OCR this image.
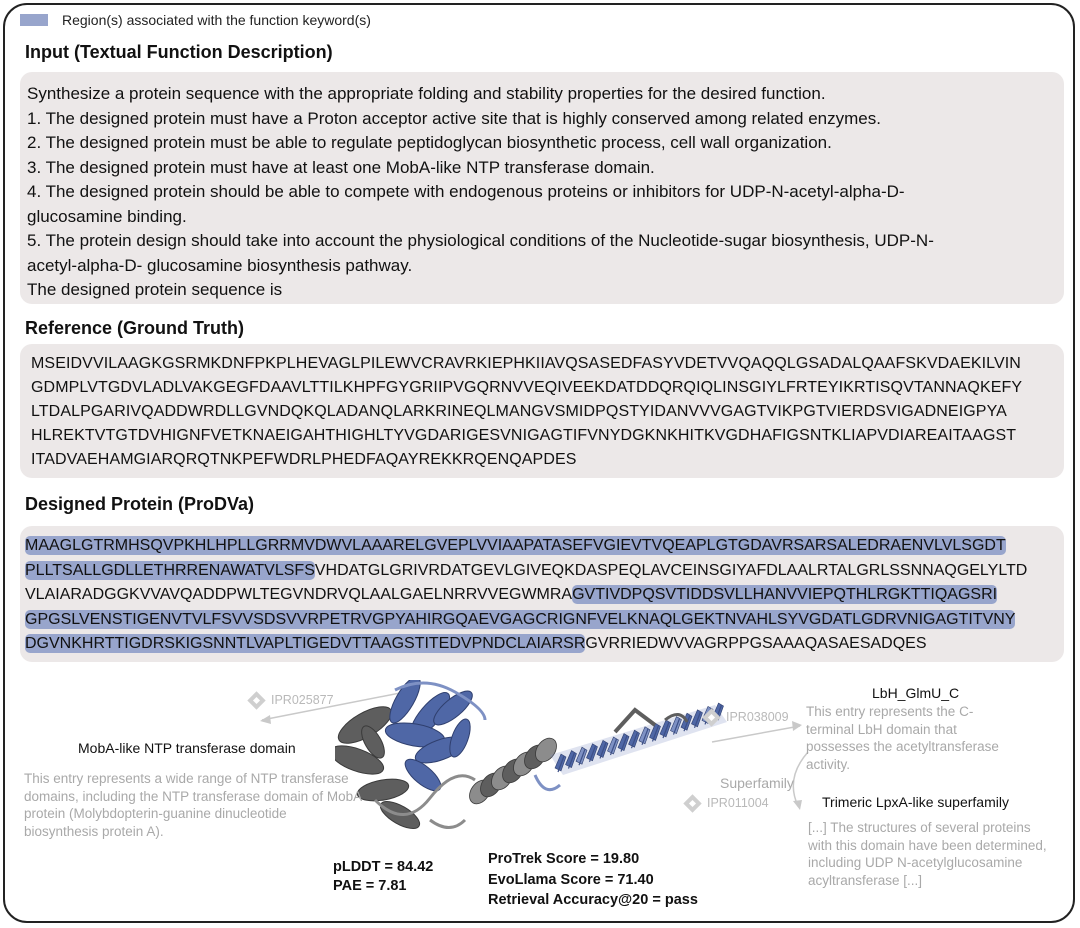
Region(s) associated with the function keyword(s)
Input (Textual Function Description)

Synthesize a protein sequence with the appropriate folding and stability properties for the desired function.

1. The designed protein must have a Proton acceptor active site that is highly conserved among related enzymes.

2. The designed protein must be able to regulate peptidoglycan biosynthetic process, cell wall organization.

3. The designed protein must have at least one MobA-like NTP transferase domain.

4. The designed protein should be able to compete with endogenous proteins or inhibitors for UDP-N-acetyl-alpha-D-

glucosamine binding.

5. The protein design should take into account the physiological conditions of the Nucleotide-sugar biosynthesis, UDP-N-

acetyl-alpha-D- glucosamine biosynthesis pathway.

The designed protein sequence is

Reference (Ground Truth)
MSEIDVVILAAGKGSRMKDNFPKPLHEVAGLPILEWVCRAVRKIEPHKIIAVQSASEDFASYVDETVVQAQQLGSADALQAAFSKVDAEKILVIN
GDMPLVTGDVLADLVAKGEGFDAAVLTTILKHPFGYGRIIPVGQRNVVEQIVEEKDATDDQRQIQLINSGIYLFRTEYIKRTISQVTANNAQKEFY
LTDALPGARIVQADDWRDLLGVNDQKQLADANQLARKRINEQLMANGVSMIDPQSTYIDANVVVGAGTVIKPGTVIERDSVIGADNEIGPYA
HLREKTVTGTDVHIGNFVETKNAEIGAHTHIGHLTYVGDARIGESVNIGAGTIFVNYDGKNKHITKVGDHAFIGSNTKLIAPVDIAREAITAAGST
ITADVAEHAMGIARQRQTNKPEFWDRLPHEDFAQAYREKKRQENQAPDES
Designed Protein (ProDVa)
MAAGLGTRMHSQVPKHLHPLLGRRMVDWVLAAARELGVEPLVVIAAPATASEFVGIEVTVQEAPLGTGDAVRSARSALEDRAENVLVLSGDT
PLLTSALLGDLLETHRRENAWATVLSFSVHDATGLGRIVRDATGEVLGIVEQKDASPEQLAVCEINSGIYAFDLAALRTALGRLSSNNAQGELYLTD
VLAIARADGGKVVAVQADDPWLTEGVNDRVQLAALGAELNRRVVEGWMRAGVTIVDPQSVTIDDSVLLHANVVIEPQTHLRGKTTIQAGSRI
GPGSLVENSTIGENVTVLFSVVSDSVVRPETRVGPYAHIRGQAEVGAGCRIGNFVELKNAQLGEKTNVAHLSYVGDATLGDRVNIGAGTITVNY
DGVNKHRTTIGDRSKIGSNNTLVAPLTIGEDVTTAAGSTITEDVPNDCLAIARSRGVRRIEDWVVAGRPPGSAAAQASAESADQES
IPR025877
IPR038009
IPR011004
MobA-like NTP transferase domain
This entry represents a wide range of NTP transferase domains, including the NTP transferase domain of MobA protein (Molybdopterin-guanine dinucleotide biosynthesis protein A).
LbH_GlmU_C
This entry represents the C-terminal LbH domain that possesses the acetyltransferase activity.
Superfamily
Trimeric LpxA-like superfamily
[...] The structures of several proteins with this domain have been determined, including UDP N-acetylglucosamine acyltransferase [...]
pLDDT = 84.42
PAE = 7.81
ProTrek Score = 19.80
EvoLlama Score = 71.40
Retrieval Accuracy@20 = pass
